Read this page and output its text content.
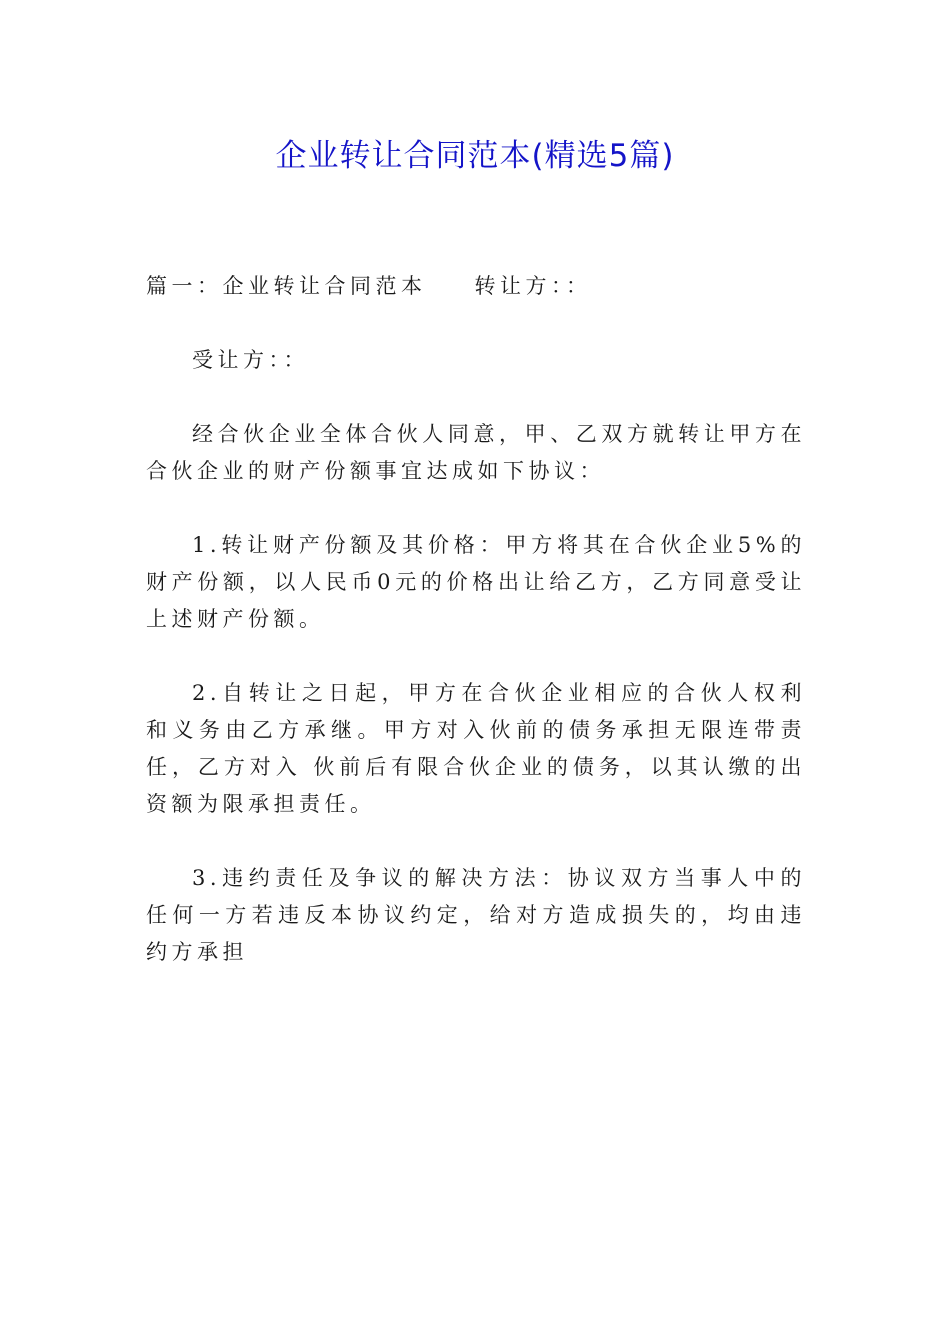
企业转让合同范本(精选5篇)

篇一：企业转让合同范本 转让方：：

受让方：：

经合伙企业全体合伙人同意，甲、乙双方就转让甲方在合伙企业的财产份额事宜达成如下协议：

1.转让财产份额及其价格：甲方将其在合伙企业5%的财产份额，以人民币0元的价格出让给乙方，乙方同意受让上述财产份额。

2.自转让之日起，甲方在合伙企业相应的合伙人权利和义务由乙方承继。甲方对入伙前的债务承担无限连带责任，乙方对入 伙前后有限合伙企业的债务，以其认缴的出资额为限承担责任。

3.违约责任及争议的解决方法：协议双方当事人中的任何一方若违反本协议约定，给对方造成损失的，均由违约方承担
